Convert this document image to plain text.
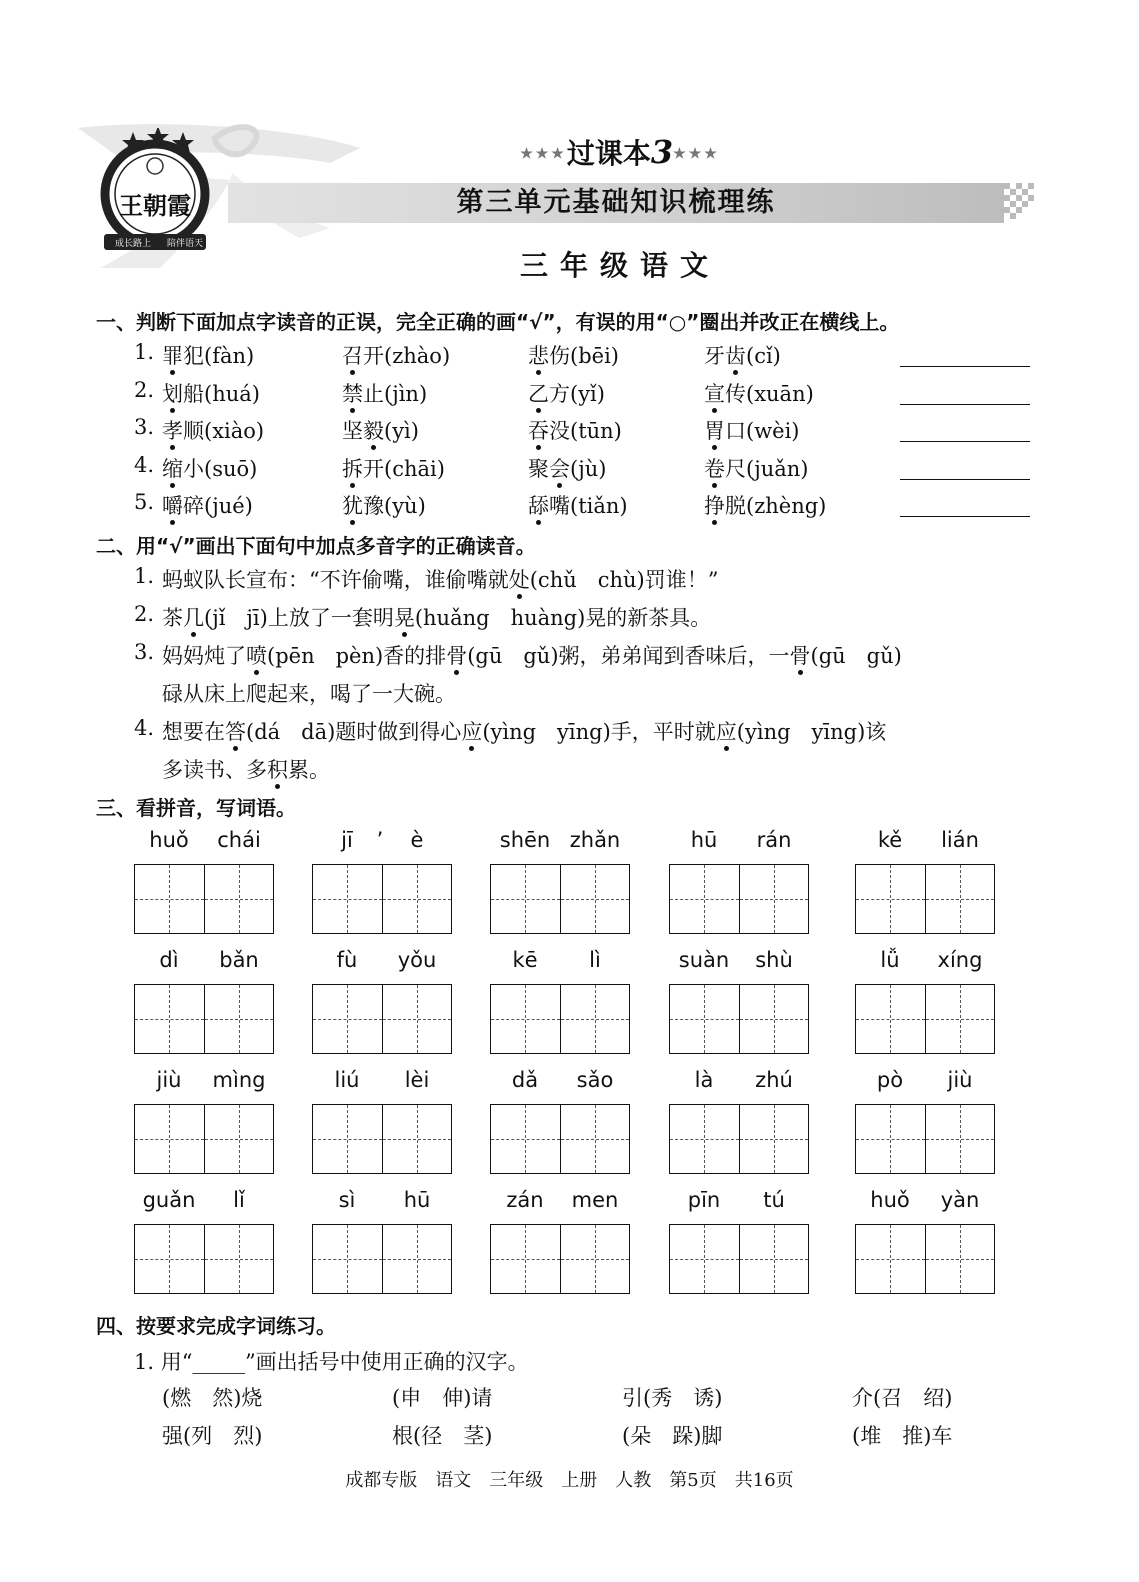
王朝霞
成长路上	陪伴语天
★★★过课本3★★★
第三单元基础知识梳理练
三年级语文
一、判断下面加点字读音的正误，完全正确的画“√”，有误的用“○”圈出并改正在横线上。
1. 罪犯(fàn)	召开(zhào)	悲伤(bēi)	牙齿(cǐ)
2. 划船(huá)	禁止(jìn)	乙方(yǐ)	宣传(xuān)
3. 孝顺(xiào)	坚毅(yì)	吞没(tūn)	胃口(wèi)
4. 缩小(suō)	拆开(chāi)	聚会(jù)	卷尺(juǎn)
5. 嚼碎(jué)	犹豫(yù)	舔嘴(tiǎn)	挣脱(zhèng)
二、用“√”画出下面句中加点多音字的正确读音。
1. 蚂蚁队长宣布：“不许偷嘴，谁偷嘴就处(chǔ　chù)罚谁！”
2. 茶几(jǐ　jī)上放了一套明晃(huǎng　huàng)晃的新茶具。
3. 妈妈炖了喷(pēn　pèn)香的排骨(gū　gǔ)粥，弟弟闻到香味后，一骨(gū　gǔ)
碌从床上爬起来，喝了一大碗。
4. 想要在答(dá　dā)题时做到得心应(yìng　yīng)手，平时就应(yìng　yīng)该
多读书、多积累。
三、看拼音，写词语。
huǒ	chái	jī	’	è	shēn zhǎn	hū	rán	kě	lián
dì	bǎn	fù	yǒu	kē	lì	suàn	shù	lǚ	xíng
jiù	mìng	liú	lèi	dǎ	sǎo	là	zhú	pò	jiù
guǎn	lǐ	sì	hū	zán	men	pīn	tú	huǒ	yàn
四、按要求完成字词练习。
1. 用“_____”画出括号中使用正确的汉字。
(燃　然)烧	(申　伸)请	引(秀　诱)	介(召　绍)
强(列　烈)	根(径　茎)	(朵　跺)脚	(堆　推)车
成都专版　语文　三年级　上册　人教　第5页　共16页
